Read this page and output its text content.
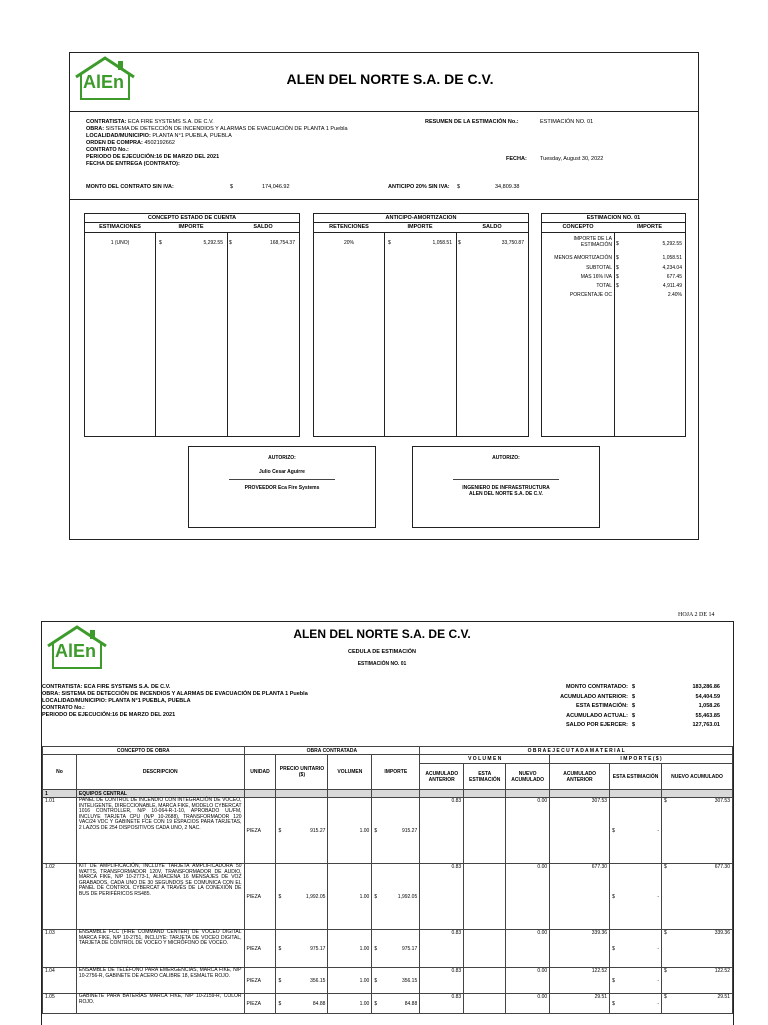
AlEn	ALEN DEL NORTE S.A. DE C.V.
CONTRATISTA: ECA FIRE SYSTEMS S.A. DE C.V.
OBRA: SISTEMA DE DETECCIÓN DE INCENDIOS Y ALARMAS DE EVACUACIÓN DE PLANTA 1 Puebla
LOCALIDAD/MUNICIPIO: PLANTA N°1 PUEBLA, PUEBLA
ORDEN DE COMPRA: 4502192662
CONTRATO No.:
PERIODO DE EJECUCIÓN:16 DE MARZO DEL 2021
FECHA DE ENTREGA (CONTRATO):
MONTO DEL CONTRATO SIN IVA:	$	174,046.92
RESUMEN DE LA ESTIMACIÓN No.:	ESTIMACIÓN NO. 01
FECHA: Tuesday, August 30, 2022
ANTICIPO 20% SIN IVA: $	34,809.38
CONCEPTO ESTADO DE CUENTA
ESTIMACIONES	IMPORTE	SALDO
1 (UNO)	$	5,292.55 $	168,754.37
ANTICIPO-AMORTIZACION
RETENCIONES	IMPORTE	SALDO
20%	$	1,058.51 $	33,750.87
ESTIMACION NO. 01
CONCEPTO	IMPORTE
IMPORTE DE LA ESTIMACIÓN $	5,292.55
MENOS AMORTIZACIÓN $	1,058.51
SUBTOTAL $	4,234.04
MAS 16% IVA $	677.45
TOTAL $	4,911.49
PORCENTAJE OC	2.40%
AUTORIZO:
Julio Cesar Aguirre
PROVEEDOR Eca Fire Systems
AUTORIZO:
INGENIERO DE INFRAESTRUCTURA
ALEN DEL NORTE S.A. DE C.V.
HOJA 2 DE 14
AlEn
ALEN DEL NORTE S.A. DE C.V.
CEDULA DE ESTIMACIÓN
ESTIMACIÓN NO. 01
CONTRATISTA: ECA FIRE SYSTEMS S.A. DE C.V.
OBRA: SISTEMA DE DETECCIÓN DE INCENDIOS Y ALARMAS DE EVACUACIÓN DE PLANTA 1 Puebla
LOCALIDAD/MUNICIPIO: PLANTA N°1 PUEBLA, PUEBLA
CONTRATO No.:
PERIODO DE EJECUCIÓN:16 DE MARZO DEL 2021
MONTO CONTRATADO: $	183,286.86
ACUMULADO ANTERIOR: $	54,404.59
ESTA ESTIMACIÓN: $	1,058.26
ACUMULADO ACTUAL: $	55,463.85
SALDO POR EJERCER: $	127,763.01
CONCEPTO DE OBRA		OBRA CONTRATADA				O B R A E J E C U T A D A M A T E R I A L					
No	DESCRIPCION	UNIDAD	PRECIO UNITARIO ($)	VOLUMEN	IMPORTE	V O L U M E N			I M P O R T E ( $ )		
						ACUMULADO ANTERIOR	ESTA ESTIMACIÓN	NUEVO ACUMULADO	ACUMULADO ANTERIOR	ESTA ESTIMACIÓN	NUEVO ACUMULADO
1	EQUIPOS CENTRAL										
1.01	PANEL DE CONTROL DE INCENDIO CON INTEGRACIÓN DE VOCEO, INTELIGENTE, DIRECCIONABLE, MARCA FIKE, MODELO CYBERCAT 1016 CONTROLLER, N/P 10-064-R-1-10, APROBADO UL/FM, INCLUYE TARJETA CPU (N/P 10-2688), TRANSFORMADOR 120 VAC/24 VDC Y GABINETE FCE CON 19 ESPACIOS PARA TARJETAS, 2 LAZOS DE 254 DISPOSITIVOS CADA UNO, 2 NAC.	PIEZA	$ 915.27	1.00	$ 915.27	0.83		0.00	307.53	$ -	$ 307.53

1.02	KIT DE AMPLIFICACIÓN, INCLUYE TARJETA AMPLIFICADORA 50 WATTS, TRANSFORMADOR 120V, TRANSFORMADOR DE AUDIO, MARCA FIKE, N/P 10-2773-1, ALMACENA 16 MENSAJES DE VOZ GRABADOS, CADA UNO DE 30 SEGUNDOS SE COMUNICA CON EL PANEL DE CONTROL CYBERCAT A TRAVÉS DE LA CONEXIÓN DE BUS DE PERIFÉRICOS RS485.	PIEZA	$ 1,992.05	1.00	$ 1,992.05	0.83		0.00	677.30	$ -	$ 677.30

1.03	ENSAMBLE FCC (FIRE COMMAND CENTER) DE VOCEO DIGITAL MARCA FIKE, N/P 10-2751, INCLUYE: TARJETA DE VOCEO DIGITAL, TARJETA DE CONTROL DE VOCEO Y MICRÓFONO DE VOCEO.	PIEZA	$ 975.17	1.00	$ 975.17	0.83		0.00	339.36	$ -	$ 339.36

1.04	ENSAMBLE DE TELÉFONO PARA EMERGENCIAS, MARCA FIKE, N/P 10-2756-R, GABINETE DE ACERO CALIBRE 18, ESMALTE ROJO.	PIEZA	$ 356.15	1.00	$ 356.15	0.83		0.00	122.52	$ -	$ 122.52

1.05	GABINETE PARA BATERÍAS MARCA FIKE, N/P 10-2159-R, COLOR ROJO.	PIEZA	$ 84.88	1.00	$ 84.88	0.83		0.00	29.51	$ -	$ 29.51
